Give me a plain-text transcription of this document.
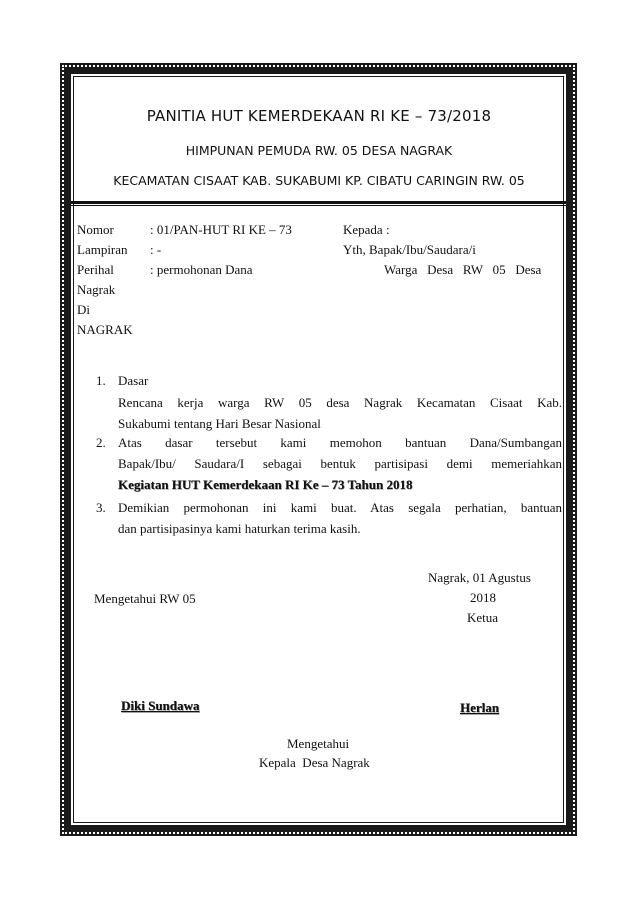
PANITIA HUT KEMERDEKAAN RI KE – 73/2018
HIMPUNAN PEMUDA RW. 05 DESA NAGRAK
KECAMATAN CISAAT KAB. SUKABUMI KP. CIBATU CARINGIN RW. 05
Nomor	: 01/PAN-HUT RI KE – 73	Kepada :
Lampiran : -	Yth, Bapak/Ibu/Saudara/i
Perihal	: permohonan Dana	Warga   Desa   RW   05   Desa
Nagrak
Di
NAGRAK
1. Dasar
Rencana kerja warga RW 05 desa Nagrak Kecamatan Cisaat Kab.
Sukabumi tentang Hari Besar Nasional
2. Atas dasar tersebut kami memohon bantuan Dana/Sumbangan
Bapak/Ibu/ Saudara/I sebagai bentuk partisipasi demi memeriahkan
Kegiatan HUT Kemerdekaan RI Ke – 73 Tahun 2018
3. Demikian permohonan ini kami buat. Atas segala perhatian, bantuan
dan partisipasinya kami haturkan terima kasih.
Nagrak, 01 Agustus
2018
Mengetahui RW 05
Ketua
Diki Sundawa	Herlan
Mengetahui
Kepala  Desa Nagrak
